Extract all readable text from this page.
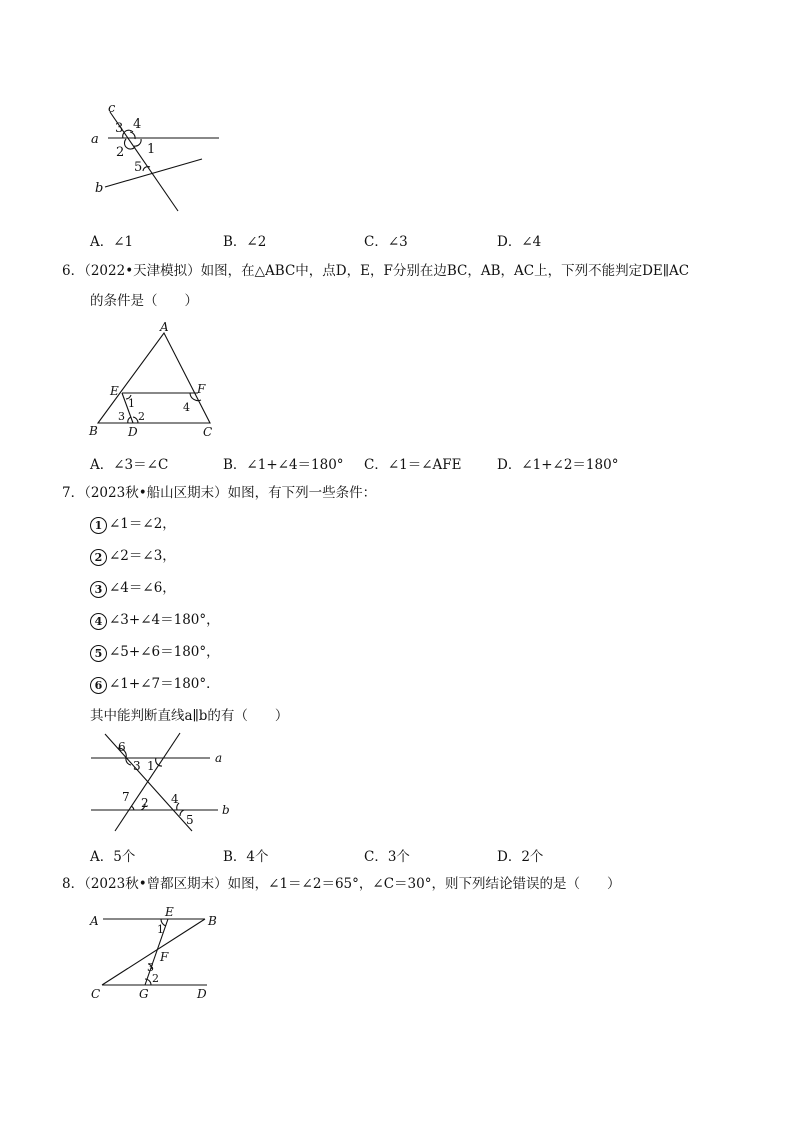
c
a
b
3 4
2 1
5
A．∠1	B．∠2	C．∠3	D．∠4
6．（2022•天津模拟）如图，在△ABC中，点D，E，F分别在边BC，AB，AC上，下列不能判定DE∥AC
的条件是（　　）
A
E	F
B	D	C
1
2
3
4
A．∠3＝∠C	B．∠1+∠4＝180° C．∠1＝∠AFE	D．∠1+∠2＝180°
7．（2023秋•船山区期末）如图，有下列一些条件：
1 ∠1＝∠2，
2 ∠2＝∠3，
3 ∠4＝∠6，
4 ∠3+∠4＝180°，
5 ∠5+∠6＝180°，
6 ∠1+∠7＝180°．
其中能判断直线a∥b的有（　　）
a
b
6
3 1
7 2 4
5
A．5个	B．4个	C．3个	D．2个
8．（2023秋•曾都区期末）如图，∠1＝∠2＝65°，∠C＝30°，则下列结论错误的是（　　）
A
E
B
F
C	G	D
1
2
3
